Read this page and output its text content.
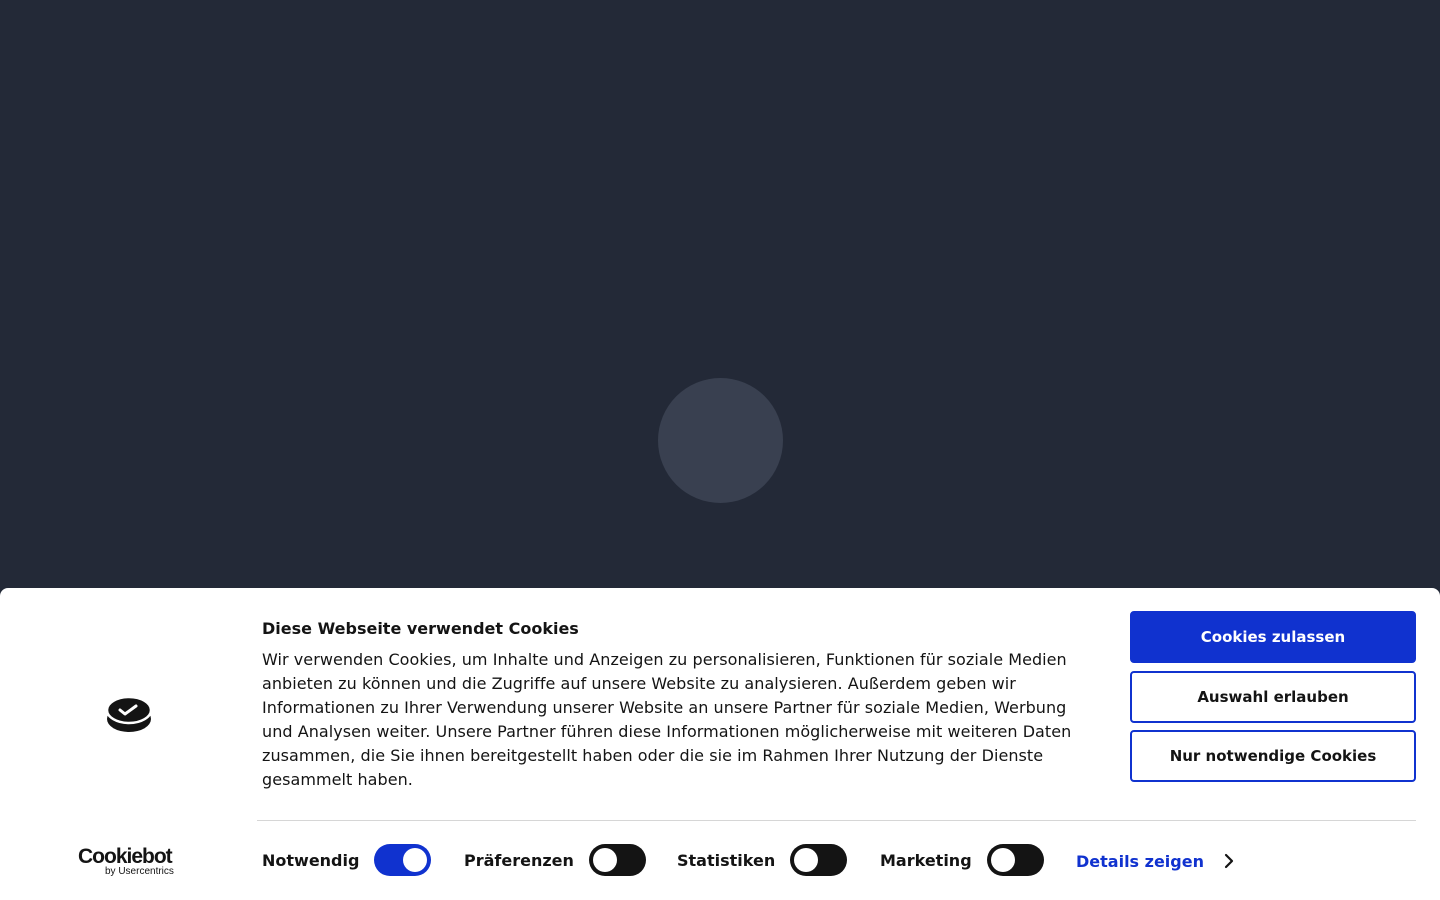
Diese Webseite verwendet Cookies

Wir verwenden Cookies, um Inhalte und Anzeigen zu personalisieren, Funktionen für soziale Medien anbieten zu können und die Zugriffe auf unsere Website zu analysieren. Außerdem geben wir Informationen zu Ihrer Verwendung unserer Website an unsere Partner für soziale Medien, Werbung und Analysen weiter. Unsere Partner führen diese Informationen möglicherweise mit weiteren Daten zusammen, die Sie ihnen bereitgestellt haben oder die sie im Rahmen Ihrer Nutzung der Dienste gesammelt haben.

Cookies zulassen
Auswahl erlauben
Nur notwendige Cookies
Cookiebot
by Usercentrics
Notwendig	Präferenzen	Statistiken	Marketing	Details zeigen
